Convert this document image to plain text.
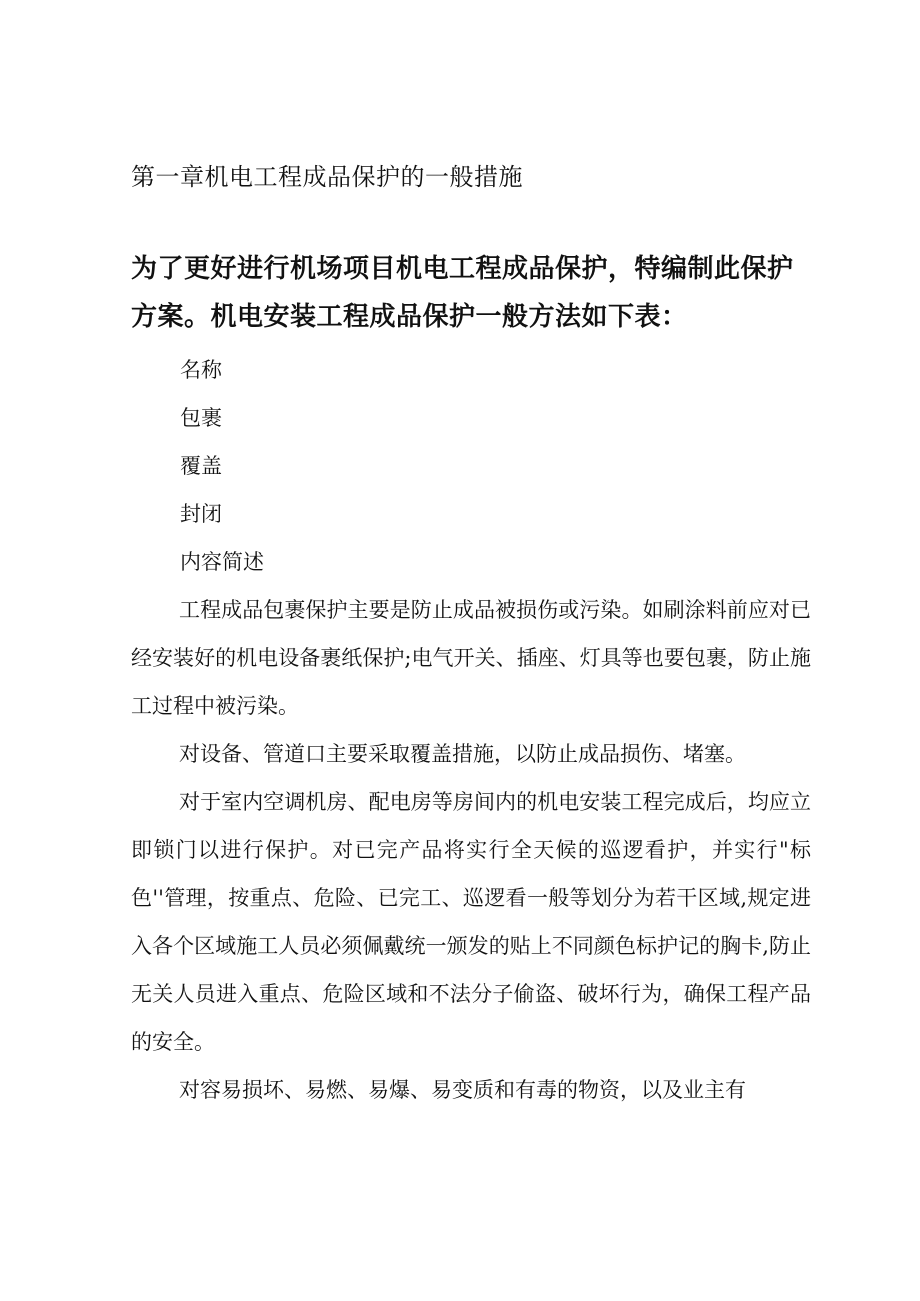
第一章机电工程成品保护的一般措施
为了更好进行机场项目机电工程成品保护，特编制此保护
方案。机电安装工程成品保护一般方法如下表：
名称
包裹
覆盖
封闭
内容简述

工程成品包裹保护主要是防止成品被损伤或污染。如刷涂料前应对已经安装好的机电设备裹纸保护;电气开关、插座、灯具等也要包裹，防止施工过程中被污染。

对设备、管道口主要采取覆盖措施，以防止成品损伤、堵塞。

对于室内空调机房、配电房等房间内的机电安装工程完成后，均应立即锁门以进行保护。对已完产品将实行全天候的巡逻看护，并实行"标色''管理，按重点、危险、已完工、巡逻看一般等划分为若干区域,规定进入各个区域施工人员必须佩戴统一颁发的贴上不同颜色标护记的胸卡,防止无关人员进入重点、危险区域和不法分子偷盗、破坏行为，确保工程产品的安全。

对容易损坏、易燃、易爆、易变质和有毒的物资，以及业主有
